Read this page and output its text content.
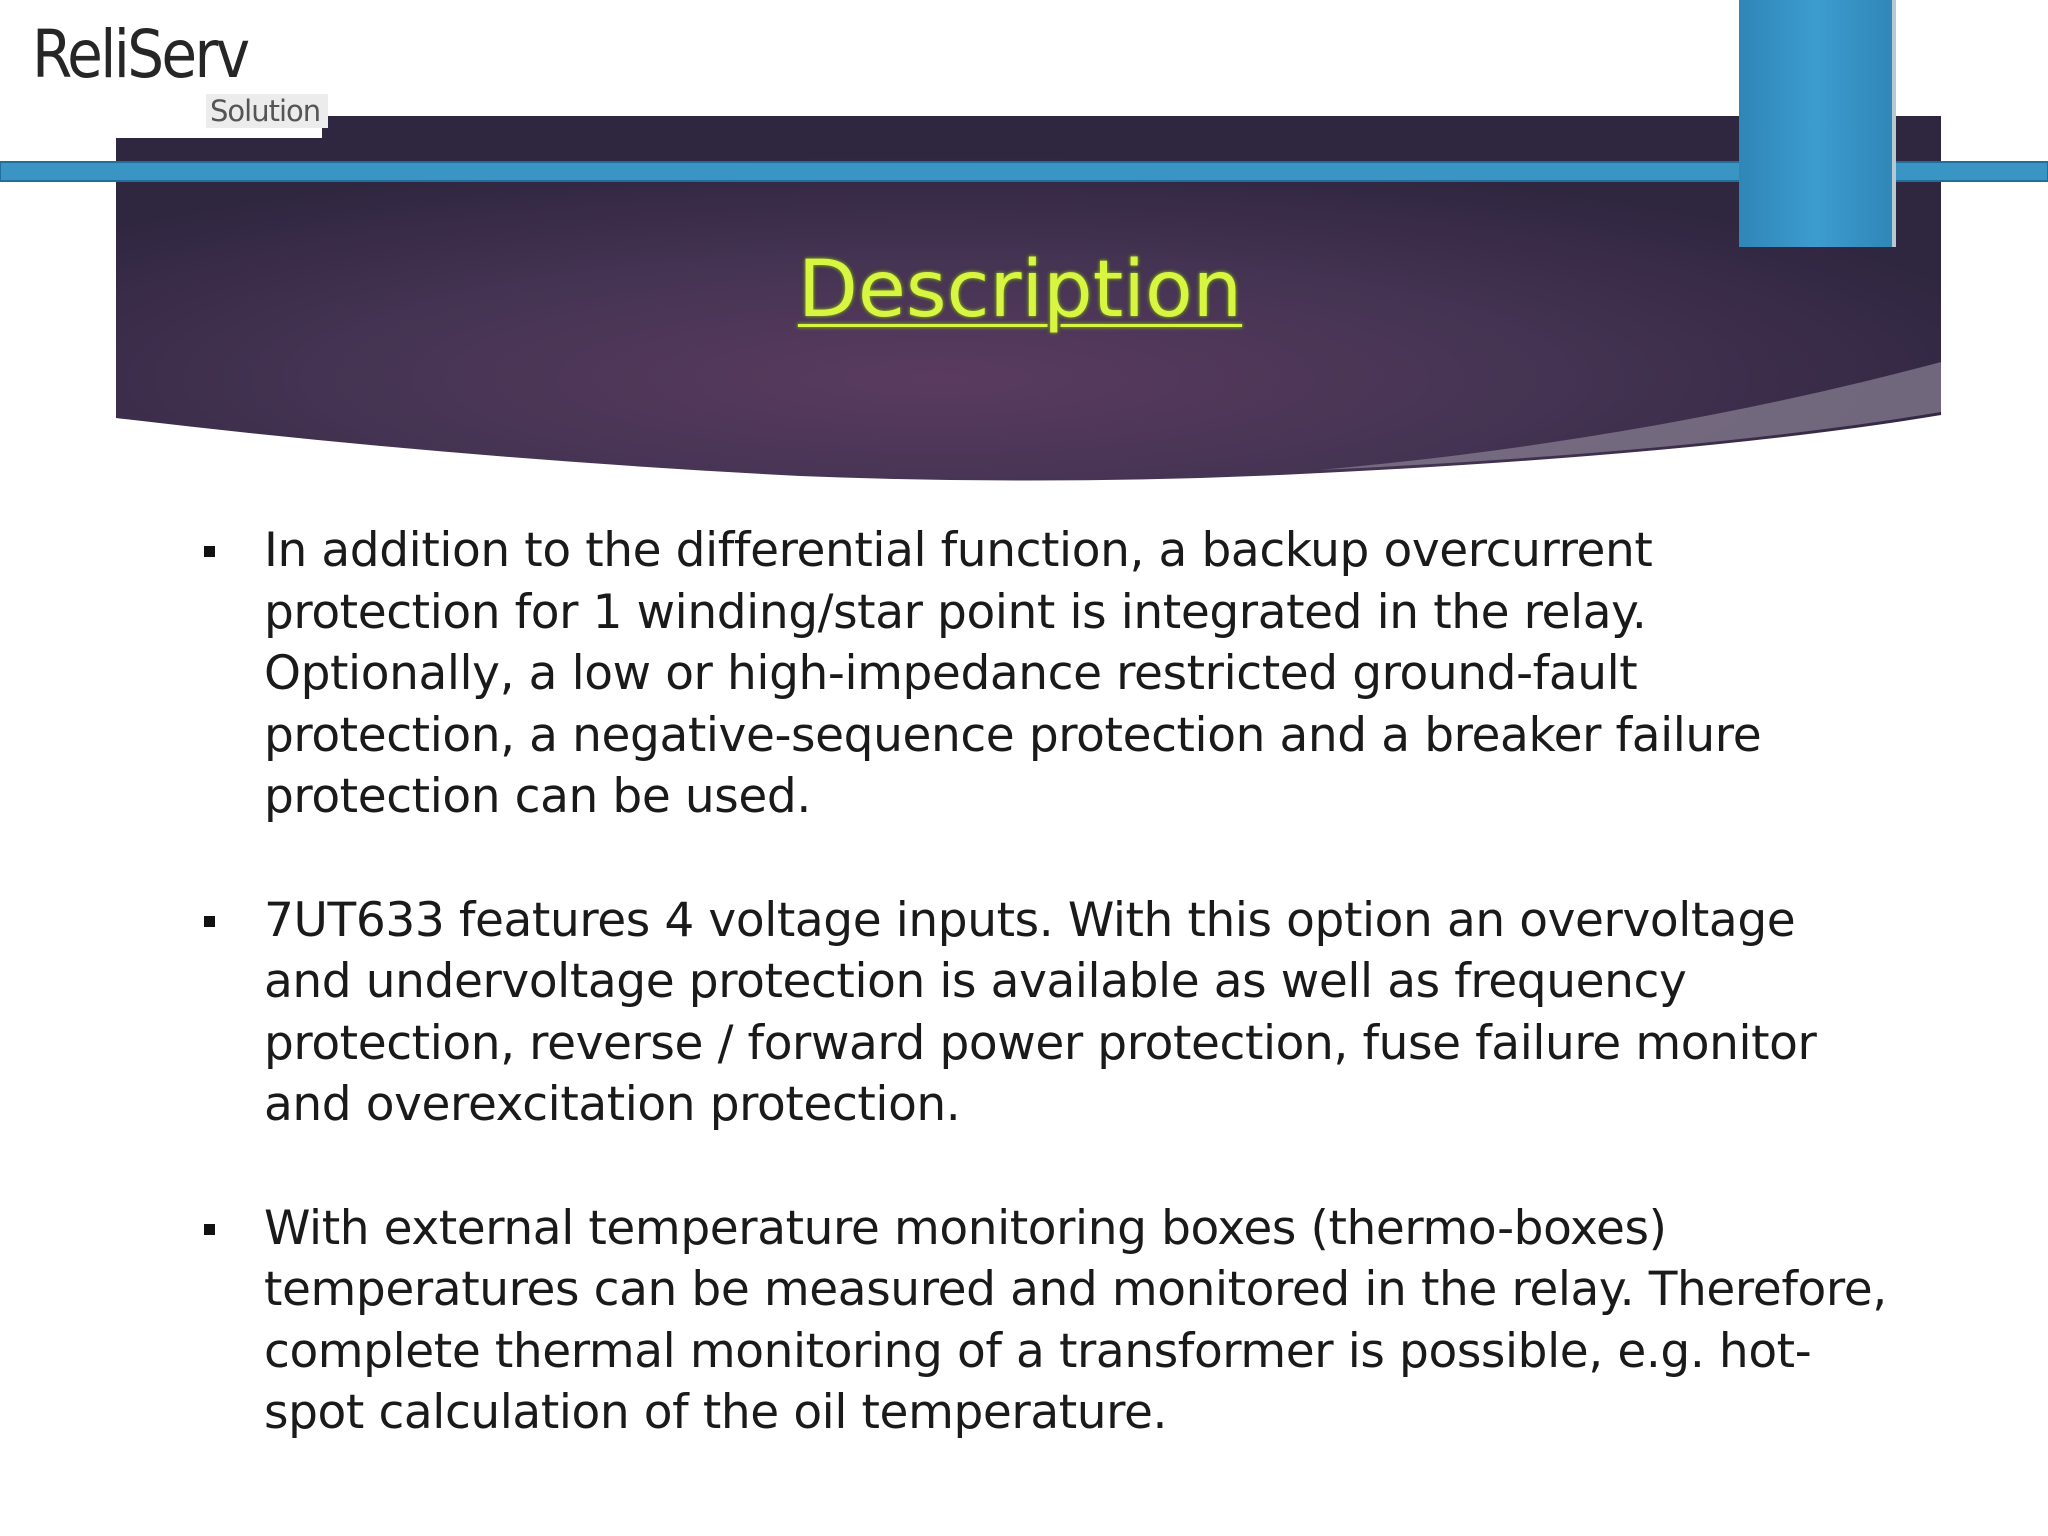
ReliServ
Solution
Description
In addition to the differential function, a backup overcurrent protection for 1 winding/star point is integrated in the relay. Optionally, a low or high-impedance restricted ground-fault protection, a negative-sequence protection and a breaker failure protection can be used.
7UT633 features 4 voltage inputs. With this option an overvoltage and undervoltage protection is available as well as frequency protection, reverse / forward power protection, fuse failure monitor and overexcitation protection.
With external temperature monitoring boxes (thermo-boxes) temperatures can be measured and monitored in the relay. Therefore, complete thermal monitoring of a transformer is possible, e.g. hot-spot calculation of the oil temperature.
